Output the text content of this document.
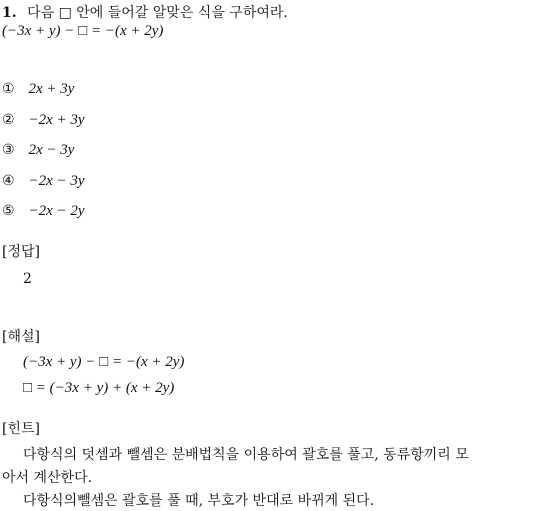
1. 다음 □ 안에 들어갈 알맞은 식을 구하여라.
(−3x + y) − □ = −(x + 2y)
① 2x + 3y
② −2x + 3y
③ 2x − 3y
④ −2x − 3y
⑤ −2x − 2y
[정답]
2
[해설]
(−3x + y) − □ = −(x + 2y)
□ = (−3x + y) + (x + 2y)
[힌트]
다항식의 덧셈과 뺄셈은 분배법칙을 이용하여 괄호를 풀고, 동류항끼리 모
아서 계산한다.
다항식의뺄셈은 괄호를 풀 때, 부호가 반대로 바뀌게 된다.
